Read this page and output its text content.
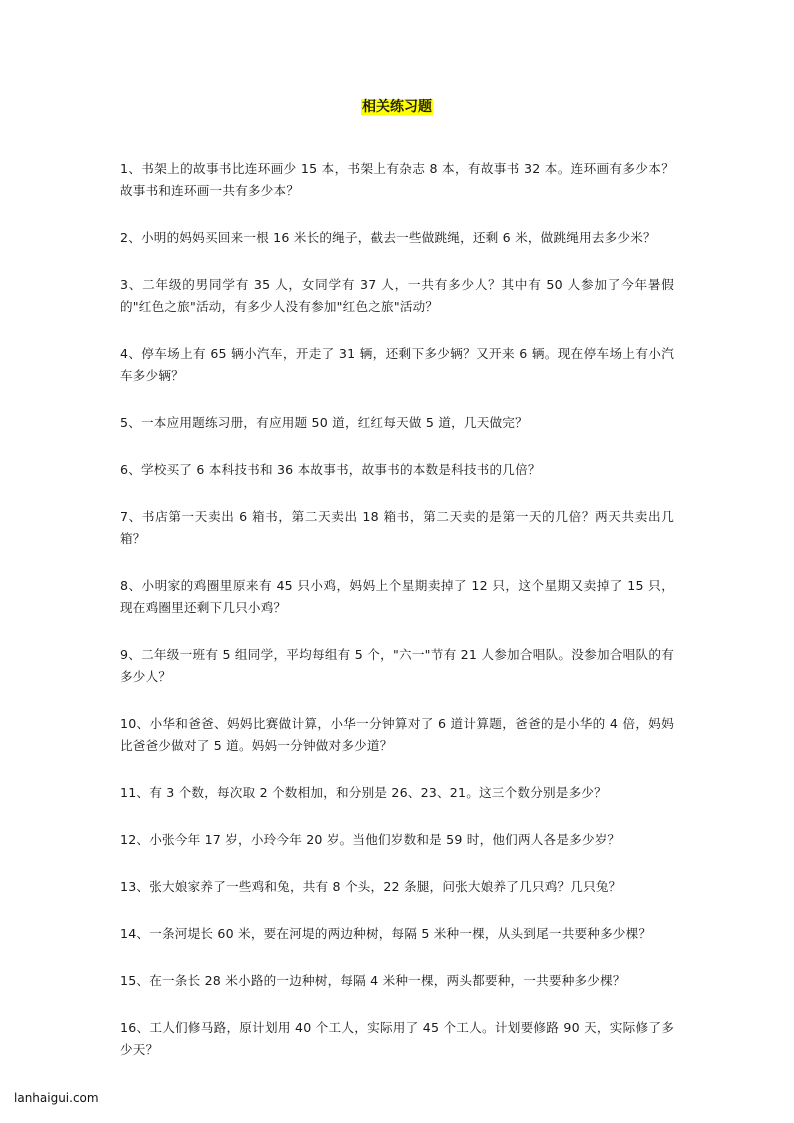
相关练习题

1、书架上的故事书比连环画少 15 本，书架上有杂志 8 本，有故事书 32 本。连环画有多少本？故事书和连环画一共有多少本？

2、小明的妈妈买回来一根 16 米长的绳子，截去一些做跳绳，还剩 6 米，做跳绳用去多少米？

3、二年级的男同学有 35 人，女同学有 37 人，一共有多少人？其中有 50 人参加了今年暑假的"红色之旅"活动，有多少人没有参加"红色之旅"活动？

4、停车场上有 65 辆小汽车，开走了 31 辆，还剩下多少辆？又开来 6 辆。现在停车场上有小汽车多少辆？

5、一本应用题练习册，有应用题 50 道，红红每天做 5 道，几天做完？

6、学校买了 6 本科技书和 36 本故事书，故事书的本数是科技书的几倍？

7、书店第一天卖出 6 箱书，第二天卖出 18 箱书，第二天卖的是第一天的几倍？两天共卖出几箱？

8、小明家的鸡圈里原来有 45 只小鸡，妈妈上个星期卖掉了 12 只，这个星期又卖掉了 15 只，现在鸡圈里还剩下几只小鸡？

9、二年级一班有 5 组同学，平均每组有 5 个，"六一"节有 21 人参加合唱队。没参加合唱队的有多少人？

10、小华和爸爸、妈妈比赛做计算，小华一分钟算对了 6 道计算题，爸爸的是小华的 4 倍，妈妈比爸爸少做对了 5 道。妈妈一分钟做对多少道？

11、有 3 个数，每次取 2 个数相加，和分别是 26、23、21。这三个数分别是多少？

12、小张今年 17 岁，小玲今年 20 岁。当他们岁数和是 59 时，他们两人各是多少岁？

13、张大娘家养了一些鸡和兔，共有 8 个头，22 条腿，问张大娘养了几只鸡？几只兔？

14、一条河堤长 60 米，要在河堤的两边种树，每隔 5 米种一棵，从头到尾一共要种多少棵？

15、在一条长 28 米小路的一边种树，每隔 4 米种一棵，两头都要种，一共要种多少棵？

16、工人们修马路，原计划用 40 个工人，实际用了 45 个工人。计划要修路 90 天，实际修了多少天？

lanhaigui.com
